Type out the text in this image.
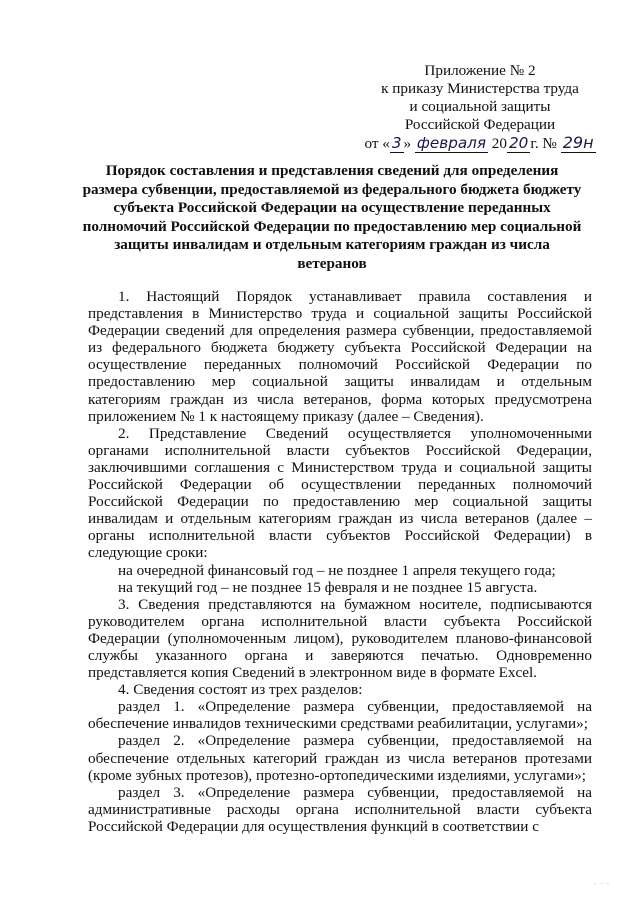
Приложение № 2
к приказу Министерства труда
и социальной защиты
Российской Федерации
от « 3 » февраля 20 20 г. № 29н
Порядок составления и представления сведений для определения
размера субвенции, предоставляемой из федерального бюджета бюджету
субъекта Российской Федерации на осуществление переданных
полномочий Российской Федерации по предоставлению мер социальной
защиты инвалидам и отдельным категориям граждан из числа
ветеранов
1. Настоящий Порядок устанавливает правила составления и представления в Министерство труда и социальной защиты Российской Федерации сведений для определения размера субвенции, предоставляемой из федерального бюджета бюджету субъекта Российской Федерации на осуществление переданных полномочий Российской Федерации по предоставлению мер социальной защиты инвалидам и отдельным категориям граждан из числа ветеранов, форма которых предусмотрена приложением № 1 к настоящему приказу (далее – Сведения).
2. Представление Сведений осуществляется уполномоченными органами исполнительной власти субъектов Российской Федерации, заключившими соглашения с Министерством труда и социальной защиты Российской Федерации об осуществлении переданных полномочий Российской Федерации по предоставлению мер социальной защиты инвалидам и отдельным категориям граждан из числа ветеранов (далее – органы исполнительной власти субъектов Российской Федерации) в следующие сроки:
на очередной финансовый год – не позднее 1 апреля текущего года;
на текущий год – не позднее 15 февраля и не позднее 15 августа.
3. Сведения представляются на бумажном носителе, подписываются руководителем органа исполнительной власти субъекта Российской Федерации (уполномоченным лицом), руководителем планово-финансовой службы указанного органа и заверяются печатью. Одновременно представляется копия Сведений в электронном виде в формате Excel.
4. Сведения состоят из трех разделов:
раздел 1. «Определение размера субвенции, предоставляемой на обеспечение инвалидов техническими средствами реабилитации, услугами»;
раздел 2. «Определение размера субвенции, предоставляемой на обеспечение отдельных категорий граждан из числа ветеранов протезами (кроме зубных протезов), протезно-ортопедическими изделиями, услугами»;
раздел 3. «Определение размера субвенции, предоставляемой на административные расходы органа исполнительной власти субъекта Российской Федерации для осуществления функций в соответствии с
· · ·
